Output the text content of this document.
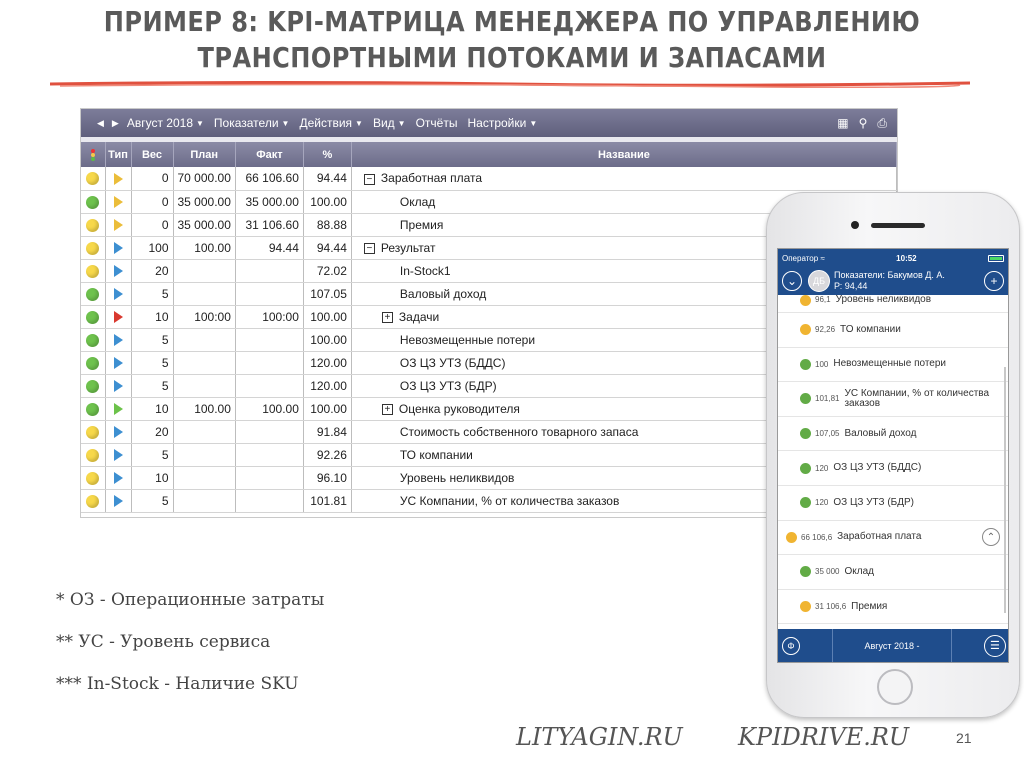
ПРИМЕР 8: KPI-МАТРИЦА МЕНЕДЖЕРА ПО УПРАВЛЕНИЮ
ТРАНСПОРТНЫМИ ПОТОКАМИ И ЗАПАСАМИ
◀ ▶ Август 2018 ▼ Показатели ▼ Действия ▼ Вид ▼ Отчёты Настройки ▼	▦ ⚲ ⎙
	Тип	Вес	План	Факт	%	Название
		0	70 000.00	66 106.60	94.44	− Заработная плата
		0	35 000.00	35 000.00	100.00	Оклад
		0	35 000.00	31 106.60	88.88	Премия
		100	100.00	94.44	94.44	− Результат
		20			72.02	In-Stock1
		5			107.05	Валовый доход
		10	100:00	100:00	100.00	+ Задачи
		5			100.00	Невозмещенные потери
		5			120.00	ОЗ ЦЗ УТЗ (БДДС)
		5			120.00	ОЗ ЦЗ УТЗ (БДР)
		10	100.00	100.00	100.00	+ Оценка руководителя
		20			91.84	Стоимость собственного товарного запаса
		5			92.26	ТО компании
		10			96.10	Уровень неликвидов
		5			101.81	УС Компании, % от количества заказов
* ОЗ - Операционные затраты
** УС - Уровень сервиса
*** In-Stock - Наличие SKU
LITYAGIN.RU KPIDRIVE.RU	21
Оператор ≈	10:52
⌄	ДБ
Показатели: Бакумов Д. А.
Р: 94,44	+
96,1 Уровень неликвидов
92,26 ТО компании
100 Невозмещенные потери
101,81 УС Компании, % от количества заказов
107,05 Валовый доход
120 ОЗ ЦЗ УТЗ (БДДС)
120 ОЗ ЦЗ УТЗ (БДР)
66 106,6 Заработная плата	⌃
35 000 Оклад
31 106,6 Премия
Φ	Август 2018 -	☰
